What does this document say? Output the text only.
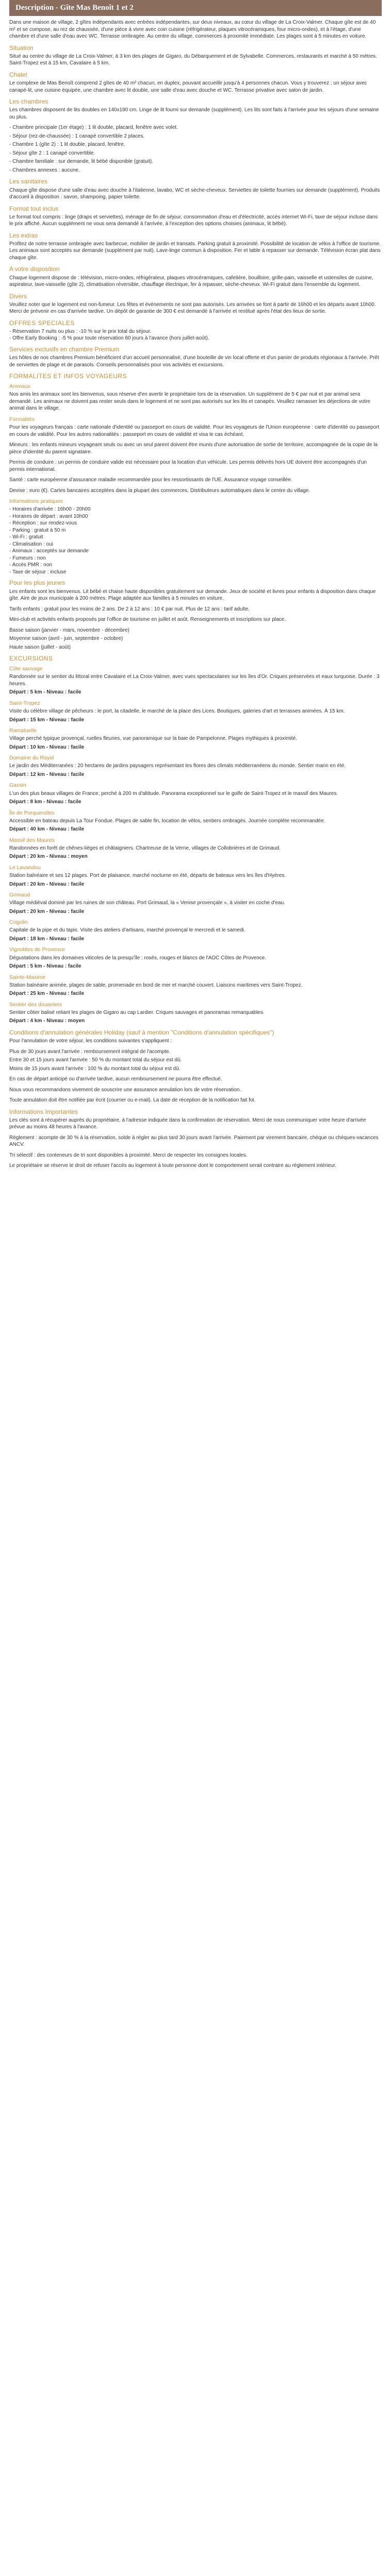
Description - Gîte Mas Benoît 1 et 2

Dans une maison de village, 2 gîtes indépendants avec entrées indépendantes, sur deux niveaux, au cœur du village de La Croix-Valmer. Chaque gîte est de 40 m² et se compose, au rez de chaussée, d'une pièce à vivre avec coin cuisine (réfrigérateur, plaques vitrocéramiques, four micro-ondes), et à l'étage, d'une chambre et d'une salle d'eau avec WC. Terrasse ombragée. Au centre du village, commerces à proximité immédiate. Les plages sont à 5 minutes en voiture.

Situation

Situé au centre du village de La Croix-Valmer, à 3 km des plages de Gigaro, du Débarquement et de Sylvabelle. Commerces, restaurants et marché à 50 mètres. Saint-Tropez est à 15 km, Cavalaire à 5 km.

Chalet

Le complexe de Mas Benoît comprend 2 gîtes de 40 m² chacun, en duplex, pouvant accueillir jusqu'à 4 personnes chacun. Vous y trouverez : un séjour avec canapé-lit, une cuisine équipée, une chambre avec lit double, une salle d'eau avec douche et WC. Terrasse privative avec salon de jardin.

Les chambres

Les chambres disposent de lits doubles en 140x190 cm. Linge de lit fourni sur demande (supplément). Les lits sont faits à l'arrivée pour les séjours d'une semaine ou plus.

- Chambre principale (1er étage) : 1 lit double, placard, fenêtre avec volet.

- Séjour (rez-de-chaussée) : 1 canapé convertible 2 places.

- Chambre 1 (gîte 2) : 1 lit double, placard, fenêtre.

- Séjour gîte 2 : 1 canapé convertible.

- Chambre familiale : sur demande, lit bébé disponible (gratuit).

- Chambres annexes : aucune.

Les sanitaires

Chaque gîte dispose d'une salle d'eau avec douche à l'italienne, lavabo, WC et sèche-cheveux. Serviettes de toilette fournies sur demande (supplément). Produits d'accueil à disposition : savon, shampoing, papier toilette.

Format tout inclus

Le format tout compris : linge (draps et serviettes), ménage de fin de séjour, consommation d'eau et d'électricité, accès internet Wi-Fi, taxe de séjour incluse dans le prix affiché. Aucun supplément ne vous sera demandé à l'arrivée, à l'exception des options choisies (animaux, lit bébé).

Les extras

Profitez de notre terrasse ombragée avec barbecue, mobilier de jardin et transats. Parking gratuit à proximité. Possibilité de location de vélos à l'office de tourisme. Les animaux sont acceptés sur demande (supplément par nuit). Lave-linge commun à disposition. Fer et table à repasser sur demande. Télévision écran plat dans chaque gîte.

A votre disposition

Chaque logement dispose de : télévision, micro-ondes, réfrigérateur, plaques vitrocéramiques, cafetière, bouilloire, grille-pain, vaisselle et ustensiles de cuisine, aspirateur, lave-vaisselle (gîte 2), climatisation réversible, chauffage électrique, fer à repasser, sèche-cheveux. Wi-Fi gratuit dans l'ensemble du logement.

Divers

Veuillez noter que le logement est non-fumeur. Les fêtes et événements ne sont pas autorisés. Les arrivées se font à partir de 16h00 et les départs avant 10h00. Merci de prévenir en cas d'arrivée tardive. Un dépôt de garantie de 300 € est demandé à l'arrivée et restitué après l'état des lieux de sortie.

OFFRES SPECIALES
- Réservation 7 nuits ou plus : -10 % sur le prix total du séjour.
- Offre Early Booking : -5 % pour toute réservation 60 jours à l'avance (hors juillet-août).
Services exclusifs en chambre Premium

Les hôtes de nos chambres Premium bénéficient d'un accueil personnalisé, d'une bouteille de vin local offerte et d'un panier de produits régionaux à l'arrivée. Prêt de serviettes de plage et de parasols. Conseils personnalisés pour vos activités et excursions.

FORMALITES ET INFOS VOYAGEURS
Animaux

Nos amis les animaux sont les bienvenus, sous réserve d'en avertir le propriétaire lors de la réservation. Un supplément de 5 € par nuit et par animal sera demandé. Les animaux ne doivent pas rester seuls dans le logement et ne sont pas autorisés sur les lits et canapés. Veuillez ramasser les déjections de votre animal dans le village.

Formalités

Pour les voyageurs français : carte nationale d'identité ou passeport en cours de validité. Pour les voyageurs de l'Union européenne : carte d'identité ou passeport en cours de validité. Pour les autres nationalités : passeport en cours de validité et visa le cas échéant.

Mineurs : les enfants mineurs voyageant seuls ou avec un seul parent doivent être munis d'une autorisation de sortie de territoire, accompagnée de la copie de la pièce d'identité du parent signataire.

Permis de conduire : un permis de conduire valide est nécessaire pour la location d'un véhicule. Les permis délivrés hors UE doivent être accompagnés d'un permis international.

Santé : carte européenne d'assurance maladie recommandée pour les ressortissants de l'UE. Assurance voyage conseillée.

Devise : euro (€). Cartes bancaires acceptées dans la plupart des commerces. Distributeurs automatiques dans le centre du village.

Informations pratiques
- Horaires d'arrivée : 16h00 - 20h00
- Horaires de départ : avant 10h00
- Réception : sur rendez-vous
- Parking : gratuit à 50 m
- Wi-Fi : gratuit
- Climatisation : oui
- Animaux : acceptés sur demande
- Fumeurs : non
- Accès PMR : non
- Taxe de séjour : incluse
Pour les plus jeunes

Les enfants sont les bienvenus. Lit bébé et chaise haute disponibles gratuitement sur demande. Jeux de société et livres pour enfants à disposition dans chaque gîte. Aire de jeux municipale à 200 mètres. Plage adaptée aux familles à 5 minutes en voiture.

Tarifs enfants : gratuit pour les moins de 2 ans. De 2 à 12 ans : 10 € par nuit. Plus de 12 ans : tarif adulte.

Mini-club et activités enfants proposés par l'office de tourisme en juillet et août. Renseignements et inscriptions sur place.

Basse saison (janvier - mars, novembre - décembre)

Moyenne saison (avril - juin, septembre - octobre)

Haute saison (juillet - août)

EXCURSIONS
Côte sauvage

Randonnée sur le sentier du littoral entre Cavalaire et La Croix-Valmer, avec vues spectaculaires sur les îles d'Or. Criques préservées et eaux turquoise. Durée : 3 heures.

Départ : 5 km - Niveau : facile

Saint-Tropez

Visite du célèbre village de pêcheurs : le port, la citadelle, le marché de la place des Lices. Boutiques, galeries d'art et terrasses animées. À 15 km.

Départ : 15 km - Niveau : facile

Ramatuelle

Village perché typique provençal, ruelles fleuries, vue panoramique sur la baie de Pampelonne. Plages mythiques à proximité.

Départ : 10 km - Niveau : facile

Domaine du Rayol

Le jardin des Méditerranées : 20 hectares de jardins paysagers représentant les flores des climats méditerranéens du monde. Sentier marin en été.

Départ : 12 km - Niveau : facile

Gassin

L'un des plus beaux villages de France, perché à 200 m d'altitude. Panorama exceptionnel sur le golfe de Saint-Tropez et le massif des Maures.

Départ : 8 km - Niveau : facile

Île de Porquerolles

Accessible en bateau depuis La Tour Fondue. Plages de sable fin, location de vélos, sentiers ombragés. Journée complète recommandée.

Départ : 40 km - Niveau : facile

Massif des Maures

Randonnées en forêt de chênes-lièges et châtaigniers. Chartreuse de la Verne, villages de Collobrières et de Grimaud.

Départ : 20 km - Niveau : moyen

Le Lavandou

Station balnéaire et ses 12 plages. Port de plaisance, marché nocturne en été, départs de bateaux vers les îles d'Hyères.

Départ : 20 km - Niveau : facile

Grimaud

Village médiéval dominé par les ruines de son château. Port Grimaud, la « Venise provençale », à visiter en coche d'eau.

Départ : 20 km - Niveau : facile

Cogolin

Capitale de la pipe et du tapis. Visite des ateliers d'artisans, marché provençal le mercredi et le samedi.

Départ : 18 km - Niveau : facile

Vignobles de Provence

Dégustations dans les domaines viticoles de la presqu'île : rosés, rouges et blancs de l'AOC Côtes de Provence.

Départ : 5 km - Niveau : facile

Sainte-Maxime

Station balnéaire animée, plages de sable, promenade en bord de mer et marché couvert. Liaisons maritimes vers Saint-Tropez.

Départ : 25 km - Niveau : facile

Sentier des douaniers

Sentier côtier balisé reliant les plages de Gigaro au cap Lardier. Criques sauvages et panoramas remarquables.

Départ : 4 km - Niveau : moyen

Conditions d'annulation générales Holiday (sauf à mention "Conditions d'annulation spécifiques")

Pour l'annulation de votre séjour, les conditions suivantes s'appliquent :

Plus de 30 jours avant l'arrivée : remboursement intégral de l'acompte.

Entre 30 et 15 jours avant l'arrivée : 50 % du montant total du séjour est dû.

Moins de 15 jours avant l'arrivée : 100 % du montant total du séjour est dû.

En cas de départ anticipé ou d'arrivée tardive, aucun remboursement ne pourra être effectué.

Nous vous recommandons vivement de souscrire une assurance annulation lors de votre réservation.

Toute annulation doit être notifiée par écrit (courrier ou e-mail). La date de réception de la notification fait foi.

Informations Importantes

Les clés sont à récupérer auprès du propriétaire, à l'adresse indiquée dans la confirmation de réservation. Merci de nous communiquer votre heure d'arrivée prévue au moins 48 heures à l'avance.

Règlement : acompte de 30 % à la réservation, solde à régler au plus tard 30 jours avant l'arrivée. Paiement par virement bancaire, chèque ou chèques-vacances ANCV.

Tri sélectif : des conteneurs de tri sont disponibles à proximité. Merci de respecter les consignes locales.

Le propriétaire se réserve le droit de refuser l'accès au logement à toute personne dont le comportement serait contraire au règlement intérieur.
